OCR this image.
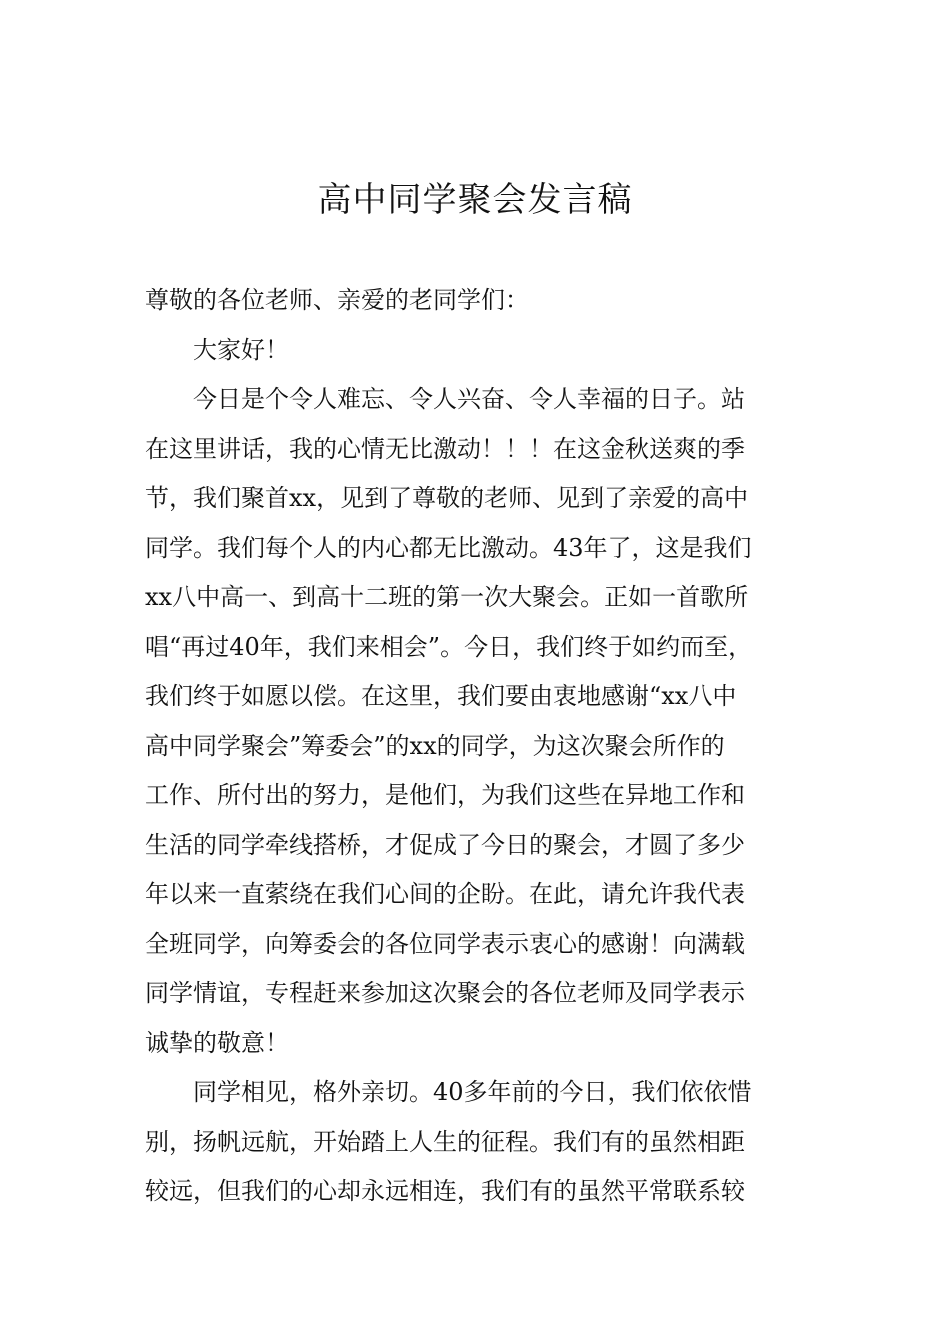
高中同学聚会发言稿

尊敬的各位老师、亲爱的老同学们：

大家好！

今日是个令人难忘、令人兴奋、令人幸福的日子。站

在这里讲话，我的心情无比激动！！！在这金秋送爽的季

节，我们聚首xx，见到了尊敬的老师、见到了亲爱的高中

同学。我们每个人的内心都无比激动。43年了，这是我们

xx八中高一、到高十二班的第一次大聚会。正如一首歌所

唱“再过40年，我们来相会”。今日，我们终于如约而至，

我们终于如愿以偿。在这里，我们要由衷地感谢“xx八中

高中同学聚会”筹委会”的xx的同学，为这次聚会所作的

工作、所付出的努力，是他们，为我们这些在异地工作和

生活的同学牵线搭桥，才促成了今日的聚会，才圆了多少

年以来一直萦绕在我们心间的企盼。在此，请允许我代表

全班同学，向筹委会的各位同学表示衷心的感谢！向满载

同学情谊，专程赶来参加这次聚会的各位老师及同学表示

诚挚的敬意！

同学相见，格外亲切。40多年前的今日，我们依依惜

别，扬帆远航，开始踏上人生的征程。我们有的虽然相距

较远，但我们的心却永远相连，我们有的虽然平常联系较
